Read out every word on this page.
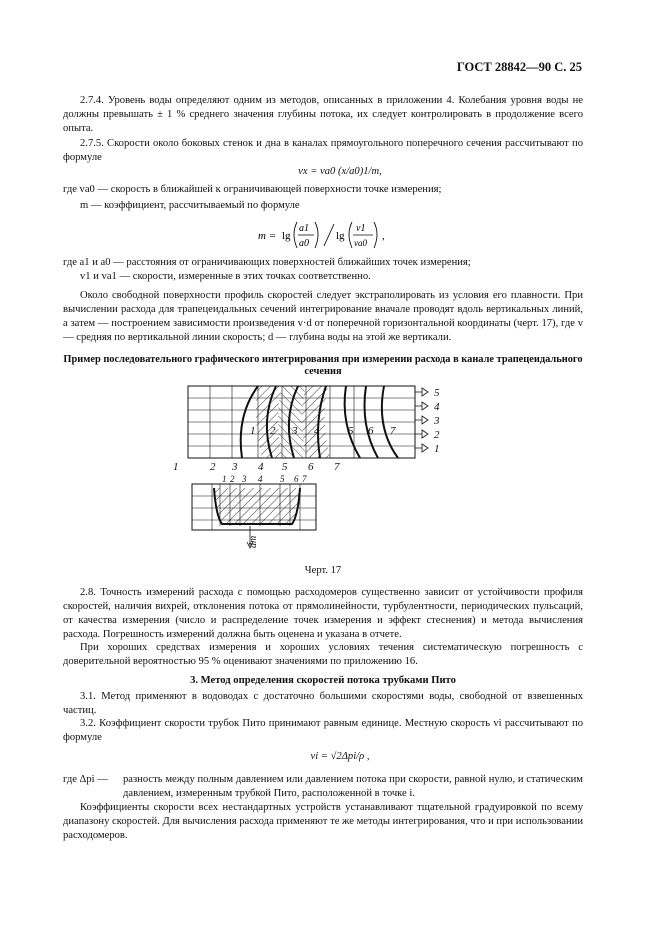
ГОСТ 28842—90 С. 25

2.7.4. Уровень воды определяют одним из методов, описанных в приложении 4. Колебания уровня воды не должны превышать ± 1 % среднего значения глубины потока, их следует контролировать в продолжение всего опыта.

2.7.5. Скорости около боковых стенок и дна в каналах прямоугольного поперечного сечения рассчитывают по формуле

vx = va0 (x/a0)1/m,

где va0 — скорость в ближайшей к ограничивающей поверхности точке измерения;

m — коэффициент, рассчитываемый по формуле

m = lg
a1
a0
lg
v1
va0
,

где a1 и a0 — расстояния от ограничивающих поверхностей ближайших точек измерения;

v1 и va1 — скорости, измеренные в этих точках соответственно.

Около свободной поверхности профиль скоростей следует экстраполировать из условия его плавности. При вычислении расхода для трапецеидальных сечений интегрирование вначале проводят вдоль вертикальных линий, а затем — построением зависимости произведения v·d от поперечной горизонтальной координаты (черт. 17), где v — средняя по вертикальной линии скорость; d — глубина воды на этой же вертикали.

Пример последовательного графического интегрирования при измерении расхода в канале трапецеидального сечения
1 2 3 4	5 6 7
5
4
3
2
1
1	2 3 4 5 6 7
1 2 3 4 5 6 7
dm
Черт. 17

2.8. Точность измерений расхода с помощью расходомеров существенно зависит от устойчивости профиля скоростей, наличия вихрей, отклонения потока от прямолинейности, турбулентности, периодических пульсаций, от качества измерения (число и распределение точек измерения и эффект стеснения) и метода вычисления расхода. Погрешность измерений должна быть оценена и указана в отчете.

При хороших средствах измерения и хороших условиях течения систематическую погрешность с доверительной вероятностью 95 % оценивают значениями по приложению 16.

3. Метод определения скоростей потока трубками Пито

3.1. Метод применяют в водоводах с достаточно большими скоростями воды, свободной от взвешенных частиц.

3.2. Коэффициент скорости трубок Пито принимают равным единице. Местную скорость vi рассчитывают по формуле

vi = √2Δpi/ρ ,
где Δpi —	разность между полным давлением или давлением потока при скорости, равной нулю, и статическим давлением, измеренным трубкой Пито, расположенной в точке i.

Коэффициенты скорости всех нестандартных устройств устанавливают тщательной градуировкой по всему диапазону скоростей. Для вычисления расхода применяют те же методы интегрирования, что и при использовании расходомеров.
